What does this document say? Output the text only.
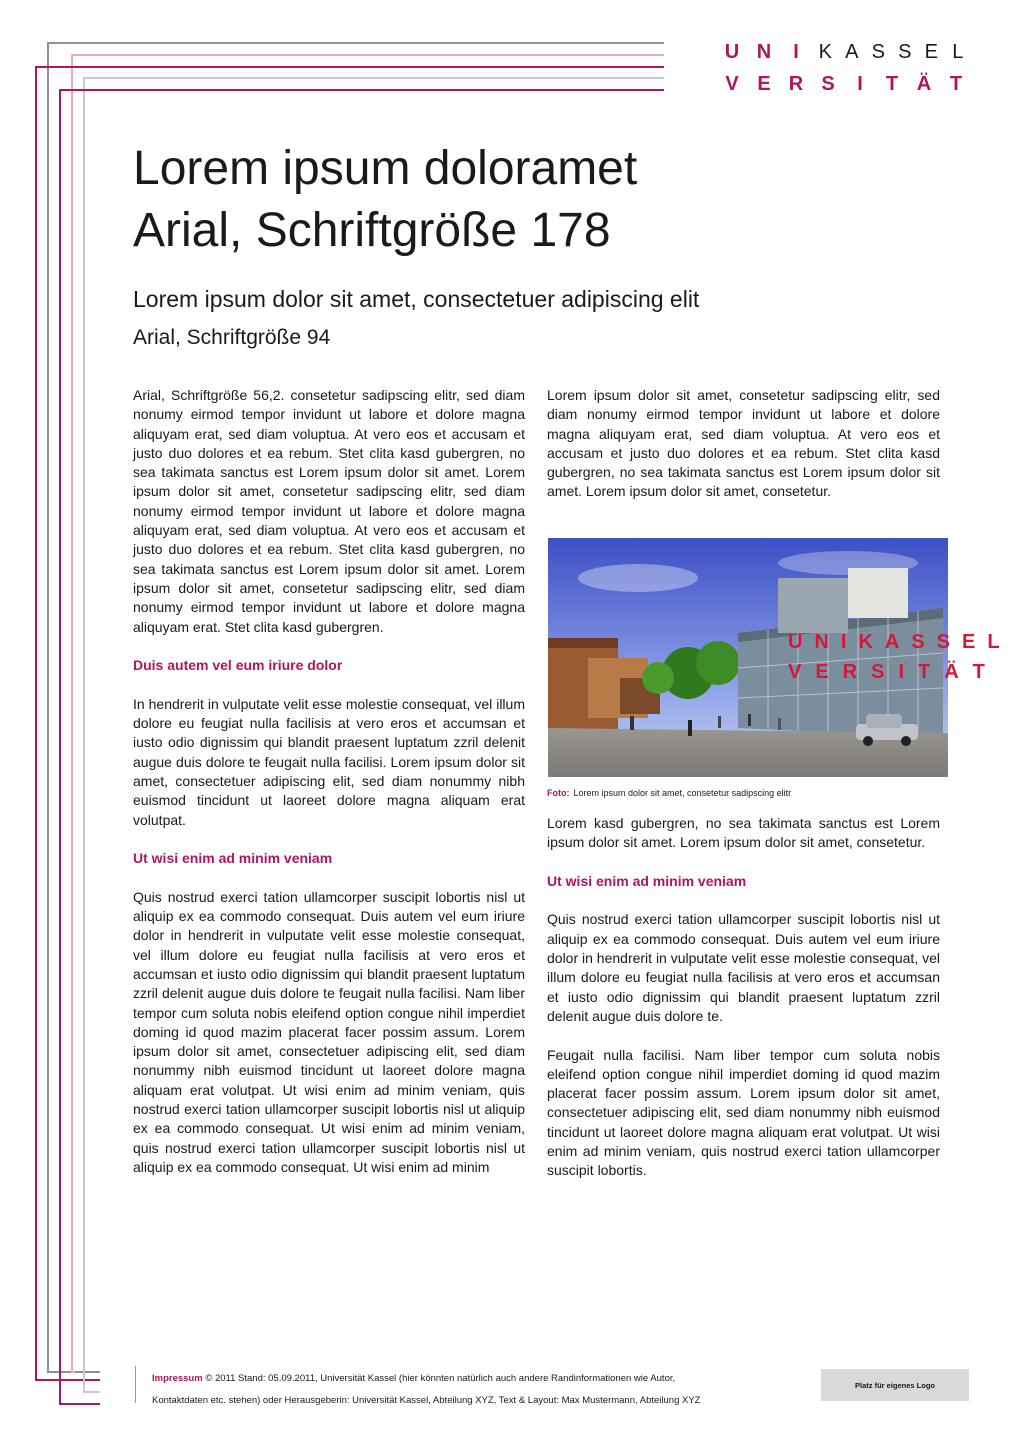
U N I K A S S E L
V E R S I T Ä T
Lorem ipsum doloramet
Arial, Schriftgröße 178
Lorem ipsum dolor sit amet, consectetuer adipiscing elit
Arial, Schriftgröße 94

Arial, Schriftgröße 56,2. consetetur sadipscing elitr, sed diam nonumy eirmod tempor invidunt ut labore et dolore magna aliquyam erat, sed diam voluptua. At vero eos et accusam et justo duo dolores et ea rebum. Stet clita kasd gubergren, no sea takimata sanctus est Lorem ipsum dolor sit amet. Lorem ipsum dolor sit amet, consetetur sadipscing elitr, sed diam nonumy eirmod tempor invidunt ut labore et dolore magna aliquyam erat, sed diam voluptua. At vero eos et accusam et justo duo dolores et ea rebum. Stet clita kasd gubergren, no sea takimata sanctus est Lorem ipsum dolor sit amet. Lorem ipsum dolor sit amet, consetetur sadipscing elitr, sed diam nonumy eirmod tempor invidunt ut labore et dolore magna aliquyam erat. Stet clita kasd gubergren.

Duis autem vel eum iriure dolor

In hendrerit in vulputate velit esse molestie consequat, vel illum dolore eu feugiat nulla facilisis at vero eros et accumsan et iusto odio dignissim qui blandit praesent luptatum zzril delenit augue duis dolore te feugait nulla facilisi. Lorem ipsum dolor sit amet, consectetuer adipiscing elit, sed diam nonummy nibh euismod tincidunt ut laoreet dolore magna aliquam erat volutpat.

Ut wisi enim ad minim veniam

Quis nostrud exerci tation ullamcorper suscipit lobortis nisl ut aliquip ex ea commodo consequat. Duis autem vel eum iriure dolor in hendrerit in vulputate velit esse molestie consequat, vel illum dolore eu feugiat nulla facilisis at vero eros et accumsan et iusto odio dignissim qui blandit praesent luptatum zzril delenit augue duis dolore te feugait nulla facilisi. Nam liber tempor cum soluta nobis eleifend option congue nihil imperdiet doming id quod mazim placerat facer possim assum. Lorem ipsum dolor sit amet, consectetuer adipiscing elit, sed diam nonummy nibh euismod tincidunt ut laoreet dolore magna aliquam erat volutpat. Ut wisi enim ad minim veniam, quis nostrud exerci tation ullamcorper suscipit lobortis nisl ut aliquip ex ea commodo consequat. Ut wisi enim ad minim veniam, quis nostrud exerci tation ullamcorper suscipit lobortis nisl ut aliquip ex ea commodo consequat. Ut wisi enim ad minim

Lorem ipsum dolor sit amet, consetetur sadipscing elitr, sed diam nonumy eirmod tempor invidunt ut labore et dolore magna aliquyam erat, sed diam voluptua. At vero eos et accusam et justo duo dolores et ea rebum. Stet clita kasd gubergren, no sea takimata sanctus est Lorem ipsum dolor sit amet. Lorem ipsum dolor sit amet, consetetur.

UNIKASSEL
VERSITÄT
Foto: Lorem ipsum dolor sit amet, consetetur sadipscing elitr

Lorem kasd gubergren, no sea takimata sanctus est Lorem ipsum dolor sit amet. Lorem ipsum dolor sit amet, consetetur.

Ut wisi enim ad minim veniam

Quis nostrud exerci tation ullamcorper suscipit lobortis nisl ut aliquip ex ea commodo consequat. Duis autem vel eum iriure dolor in hendrerit in vulputate velit esse molestie consequat, vel illum dolore eu feugiat nulla facilisis at vero eros et accumsan et iusto odio dignissim qui blandit praesent luptatum zzril delenit augue duis dolore te.

Feugait nulla facilisi. Nam liber tempor cum soluta nobis eleifend option congue nihil imperdiet doming id quod mazim placerat facer possim assum. Lorem ipsum dolor sit amet, consectetuer adipiscing elit, sed diam nonummy nibh euismod tincidunt ut laoreet dolore magna aliquam erat volutpat. Ut wisi enim ad minim veniam, quis nostrud exerci tation ullamcorper suscipit lobortis.

Impressum © 2011 Stand: 05.09.2011, Universität Kassel (hier könnten natürlich auch andere Randinformationen wie Autor,
Kontaktdaten etc. stehen) oder Herausgeberin: Universität Kassel, Abteilung XYZ, Text & Layout: Max Mustermann, Abteilung XYZ
Platz für eigenes Logo
